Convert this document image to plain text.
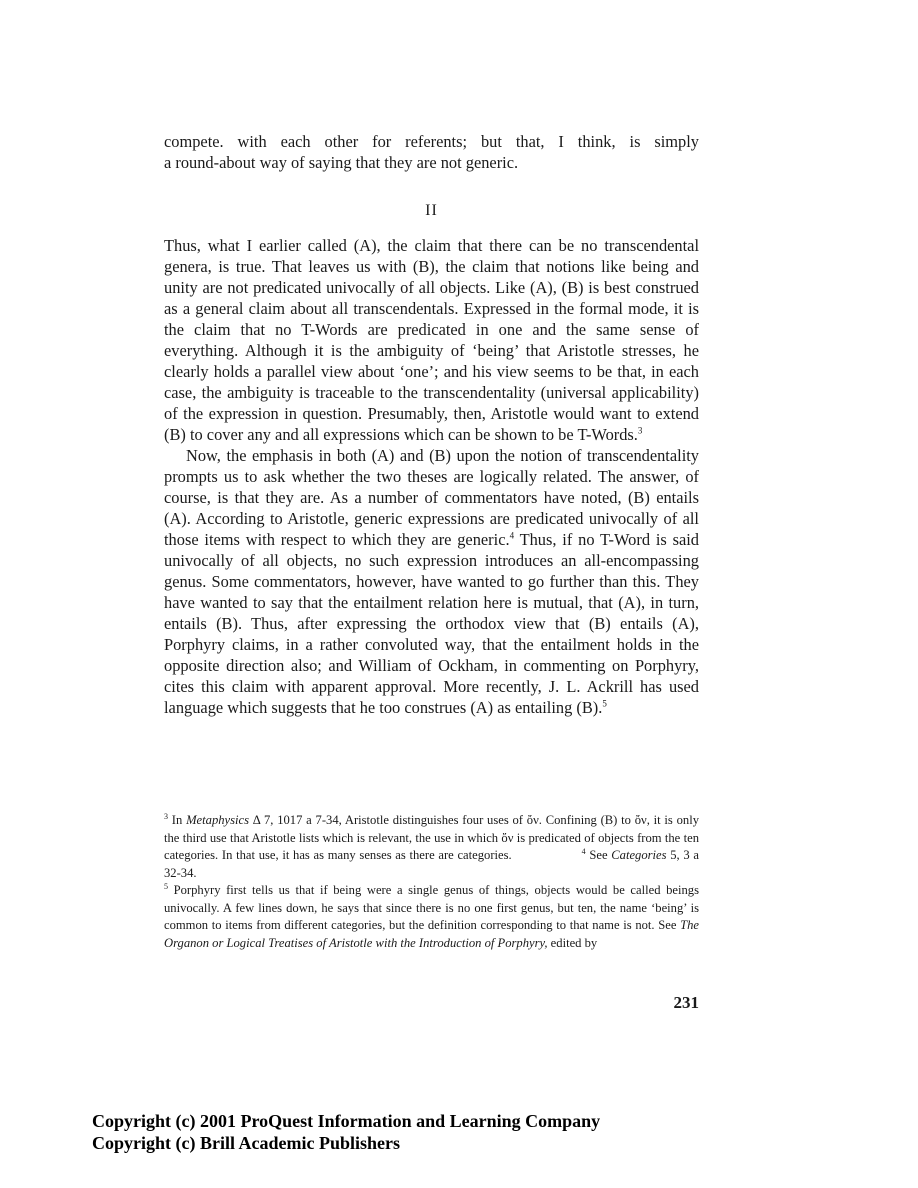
compete. with each other for referents; but that, I think, is simply

a round-about way of saying that they are not generic.

II

Thus, what I earlier called (A), the claim that there can be no transcendental genera, is true. That leaves us with (B), the claim that notions like being and unity are not predicated univocally of all objects. Like (A), (B) is best construed as a general claim about all transcendentals. Expressed in the formal mode, it is the claim that no T-Words are predicated in one and the same sense of everything. Although it is the ambiguity of ‘being’ that Aristotle stresses, he clearly holds a parallel view about ‘one’; and his view seems to be that, in each case, the ambiguity is traceable to the transcendentality (universal applicability) of the expression in question. Presumably, then, Aristotle would want to extend (B) to cover any and all expressions which can be shown to be T-Words.$^3$

Now, the emphasis in both (A) and (B) upon the notion of transcendentality prompts us to ask whether the two theses are logically related. The answer, of course, is that they are. As a number of commentators have noted, (B) entails (A). According to Aristotle, generic expressions are predicated univocally of all those items with respect to which they are generic.$^4$ Thus, if no T-Word is said univocally of all objects, no such expression introduces an all-encompassing genus. Some commentators, however, have wanted to go further than this. They have wanted to say that the entailment relation here is mutual, that (A), in turn, entails (B). Thus, after expressing the orthodox view that (B) entails (A), Porphyry claims, in a rather convoluted way, that the entailment holds in the opposite direction also; and William of Ockham, in commenting on Porphyry, cites this claim with apparent approval. More recently, J. L. Ackrill has used language which suggests that he too construes (A) as entailing (B).$^5$

$^3$ In Metaphysics Δ 7, 1017 a 7-34, Aristotle distinguishes four uses of ὄν. Confining (B) to ὄν, it is only the third use that Aristotle lists which is relevant, the use in which ὄν is predicated of objects from the ten categories. In that use, it has as many senses as there are categories.	$^4$ See Categories 5, 3 a 32-34.

$^5$ Porphyry first tells us that if being were a single genus of things, objects would be called beings univocally. A few lines down, he says that since there is no one first genus, but ten, the name ‘being’ is common to items from different categories, but the definition corresponding to that name is not. See The Organon or Logical Treatises of Aristotle with the Introduction of Porphyry, edited by

231
Copyright (c) 2001 ProQuest Information and Learning Company
Copyright (c) Brill Academic Publishers
